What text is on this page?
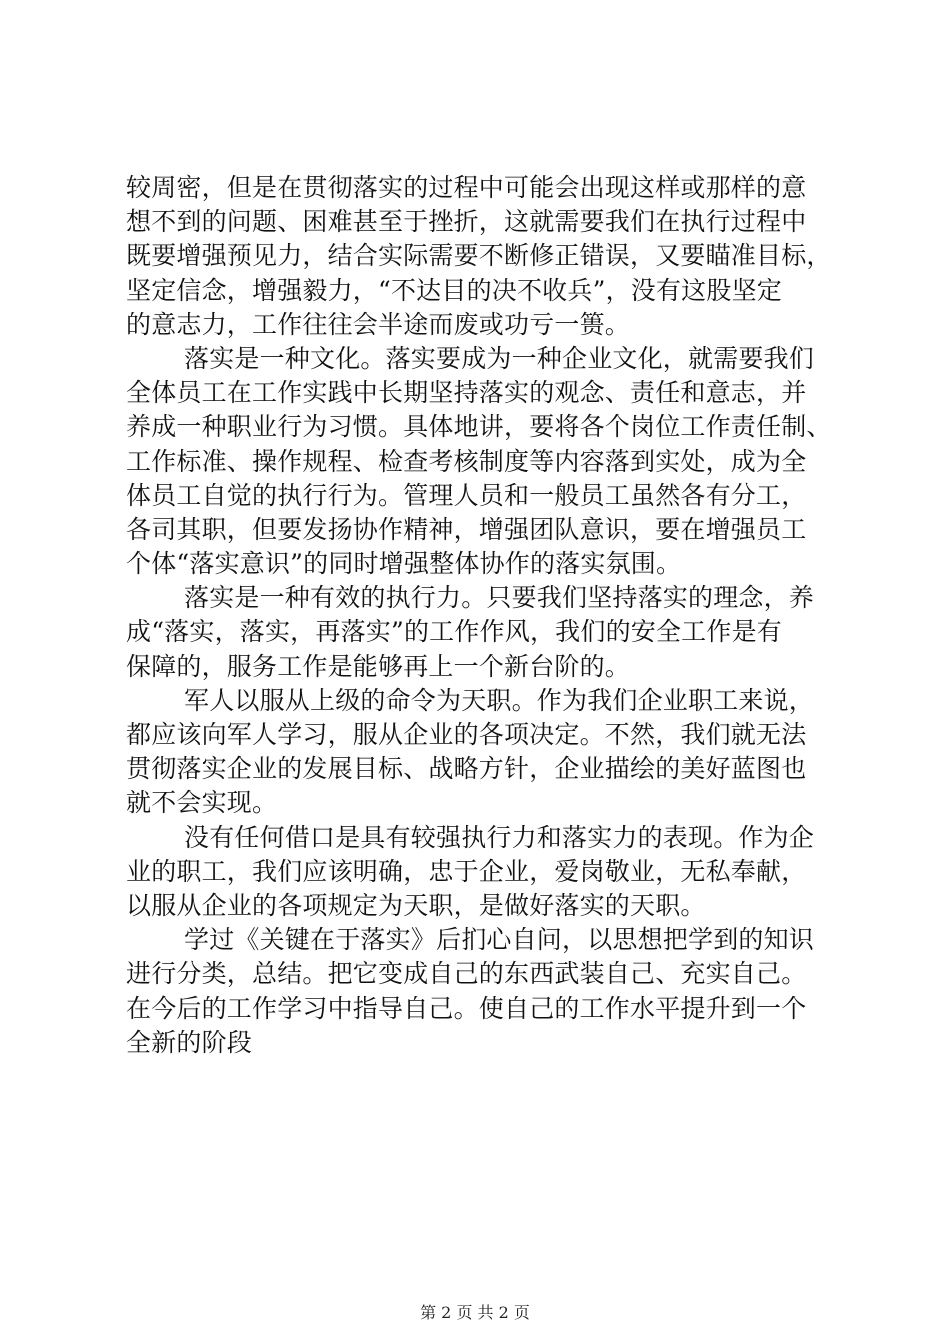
较周密，但是在贯彻落实的过程中可能会出现这样或那样的意
想不到的问题、困难甚至于挫折，这就需要我们在执行过程中
既要增强预见力，结合实际需要不断修正错误，又要瞄准目标，
坚定信念，增强毅力，“不达目的决不收兵”，没有这股坚定
的意志力，工作往往会半途而废或功亏一篑。
落实是一种文化。落实要成为一种企业文化，就需要我们
全体员工在工作实践中长期坚持落实的观念、责任和意志，并
养成一种职业行为习惯。具体地讲，要将各个岗位工作责任制、
工作标准、操作规程、检查考核制度等内容落到实处，成为全
体员工自觉的执行行为。管理人员和一般员工虽然各有分工，
各司其职，但要发扬协作精神，增强团队意识，要在增强员工
个体“落实意识”的同时增强整体协作的落实氛围。
落实是一种有效的执行力。只要我们坚持落实的理念，养
成“落实，落实，再落实”的工作作风，我们的安全工作是有
保障的，服务工作是能够再上一个新台阶的。
军人以服从上级的命令为天职。作为我们企业职工来说，
都应该向军人学习，服从企业的各项决定。不然，我们就无法
贯彻落实企业的发展目标、战略方针，企业描绘的美好蓝图也
就不会实现。
没有任何借口是具有较强执行力和落实力的表现。作为企
业的职工，我们应该明确，忠于企业，爱岗敬业，无私奉献，
以服从企业的各项规定为天职，是做好落实的天职。
学过《关键在于落实》后扪心自问，以思想把学到的知识
进行分类，总结。把它变成自己的东西武装自己、充实自己。
在今后的工作学习中指导自己。使自己的工作水平提升到一个
全新的阶段
第 2 页 共 2 页
